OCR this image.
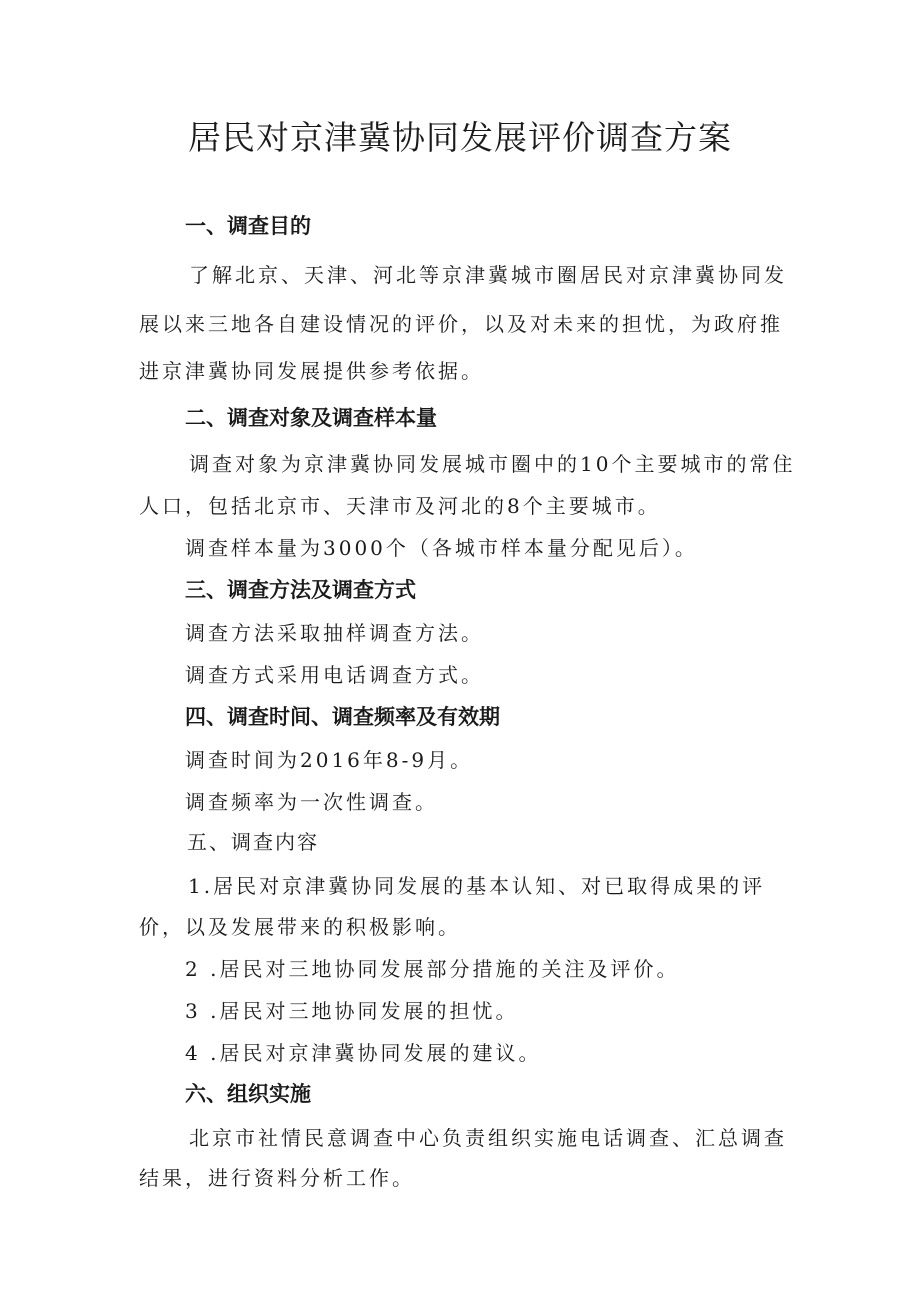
居民对京津冀协同发展评价调查方案
一、调查目的
了解北京、天津、河北等京津冀城市圈居民对京津冀协同发
展以来三地各自建设情况的评价，以及对未来的担忧，为政府推
进京津冀协同发展提供参考依据。
二、调查对象及调查样本量
调查对象为京津冀协同发展城市圈中的10个主要城市的常住
人口，包括北京市、天津市及河北的8个主要城市。
调查样本量为3000个（各城市样本量分配见后）。
三、调查方法及调查方式
调查方法采取抽样调查方法。
调查方式采用电话调查方式。
四、调查时间、调查频率及有效期
调查时间为2016年8-9月。
调查频率为一次性调查。
五、调查内容
1.居民对京津冀协同发展的基本认知、对已取得成果的评
价，以及发展带来的积极影响。
2 .居民对三地协同发展部分措施的关注及评价。
3 .居民对三地协同发展的担忧。
4 .居民对京津冀协同发展的建议。
六、组织实施
北京市社情民意调查中心负责组织实施电话调查、汇总调查
结果，进行资料分析工作。
